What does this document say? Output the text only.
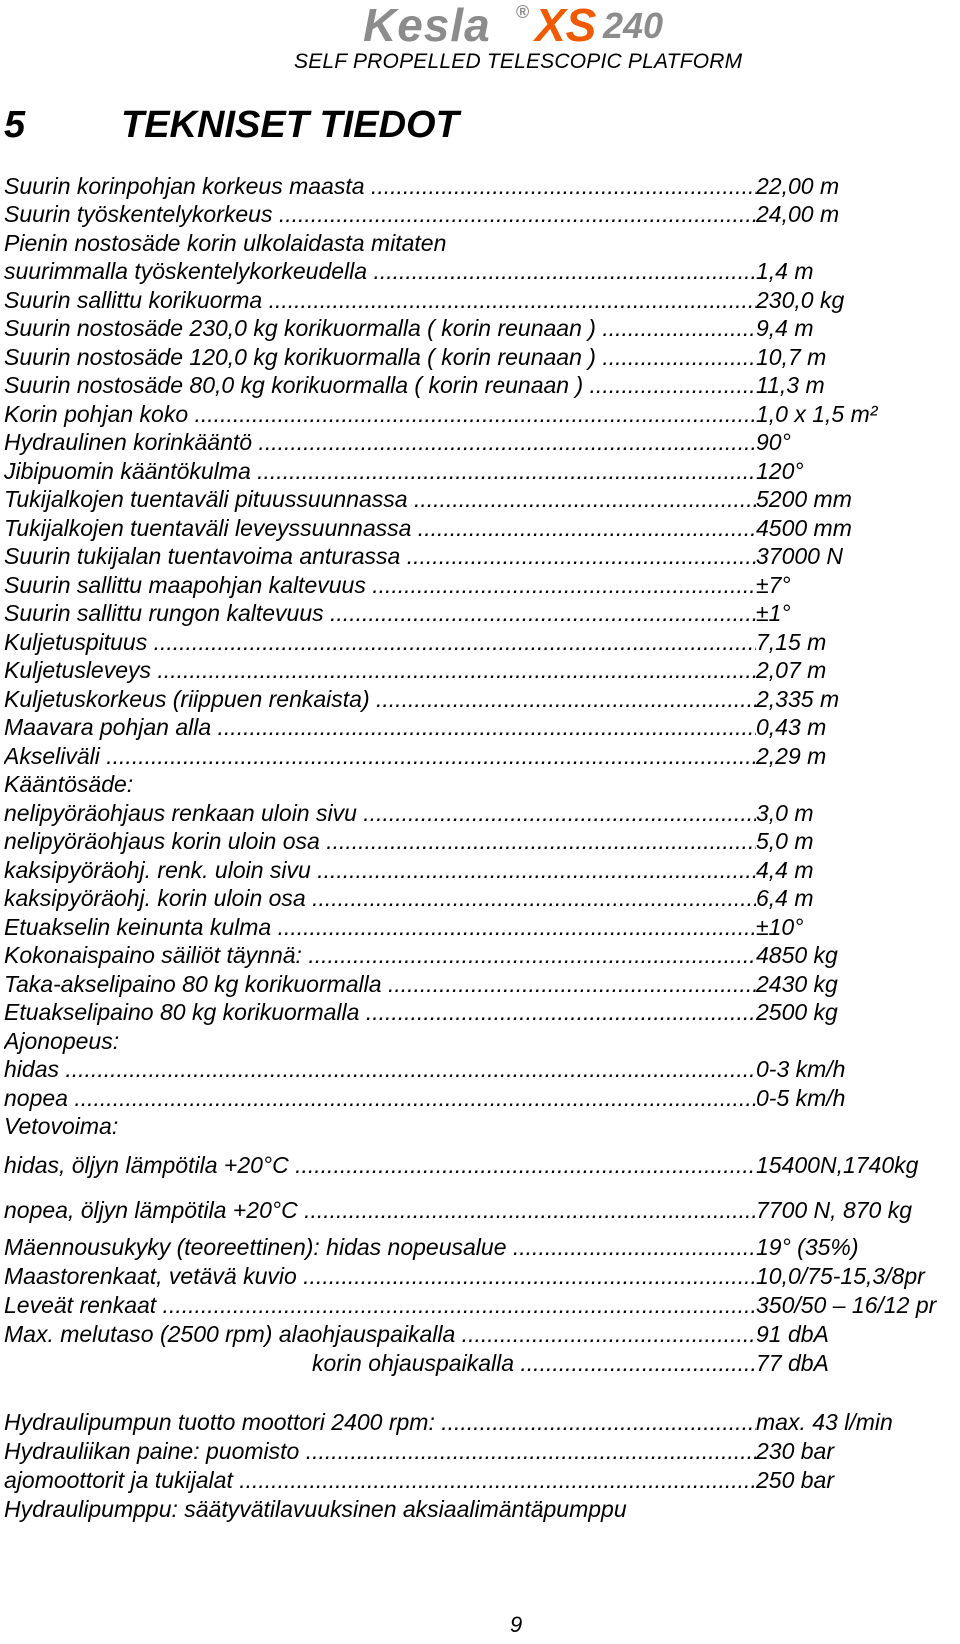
Kesla ® XS 240
SELF PROPELLED TELESCOPIC PLATFORM
5	TEKNISET TIEDOT
Suurin korinpohjan korkeus maasta .....	22,00 m
Suurin työskentelykorkeus .....	24,00 m
Pienin nostosäde korin ulkolaidasta mitaten
suurimmalla työskentelykorkeudella .....	1,4 m
Suurin sallittu korikuorma .....	230,0 kg
Suurin nostosäde 230,0 kg korikuormalla ( korin reunaan ) .....	9,4 m
Suurin nostosäde 120,0 kg korikuormalla ( korin reunaan ) .....	10,7 m
Suurin nostosäde 80,0 kg korikuormalla ( korin reunaan ) .....	11,3 m
Korin pohjan koko .....	1,0 x 1,5 m²
Hydraulinen korinkääntö .....	90°
Jibipuomin kääntökulma .....	120°
Tukijalkojen tuentaväli pituussuunnassa .....	5200 mm
Tukijalkojen tuentaväli leveyssuunnassa .....	4500 mm
Suurin tukijalan tuentavoima anturassa .....	37000 N
Suurin sallittu maapohjan kaltevuus .....	±7°
Suurin sallittu rungon kaltevuus .....	±1°
Kuljetuspituus .....	7,15 m
Kuljetusleveys .....	2,07 m
Kuljetuskorkeus (riippuen renkaista) .....	2,335 m
Maavara pohjan alla .....	0,43 m
Akseliväli .....	2,29 m
Kääntösäde:
nelipyöräohjaus renkaan uloin sivu .....	3,0 m
nelipyöräohjaus korin uloin osa .....	5,0 m
kaksipyöräohj. renk. uloin sivu .....	4,4 m
kaksipyöräohj. korin uloin osa .....	6,4 m
Etuakselin keinunta kulma .....	±10°
Kokonaispaino säiliöt täynnä: .....	4850 kg
Taka-akselipaino 80 kg korikuormalla .....	2430 kg
Etuakselipaino 80 kg korikuormalla .....	2500 kg
Ajonopeus:
hidas .....	0-3 km/h
nopea .....	0-5 km/h
Vetovoima:
hidas, öljyn lämpötila +20°C .....	15400N,1740kg
nopea, öljyn lämpötila +20°C .....	7700 N, 870 kg
Mäennousukyky (teoreettinen): hidas nopeusalue .....	19° (35%)
Maastorenkaat, vetävä kuvio .....	10,0/75-15,3/8pr
Leveät renkaat .....	350/50 – 16/12 pr
Max. melutaso (2500 rpm) alaohjauspaikalla .....	91 dbA
korin ohjauspaikalla .....	77 dbA
Hydraulipumpun tuotto moottori 2400 rpm: .....	max. 43 l/min
Hydrauliikan paine: puomisto .....	230 bar
ajomoottorit ja tukijalat .....	250 bar
Hydraulipumppu: säätyvätilavuuksinen aksiaalimäntäpumppu
9
